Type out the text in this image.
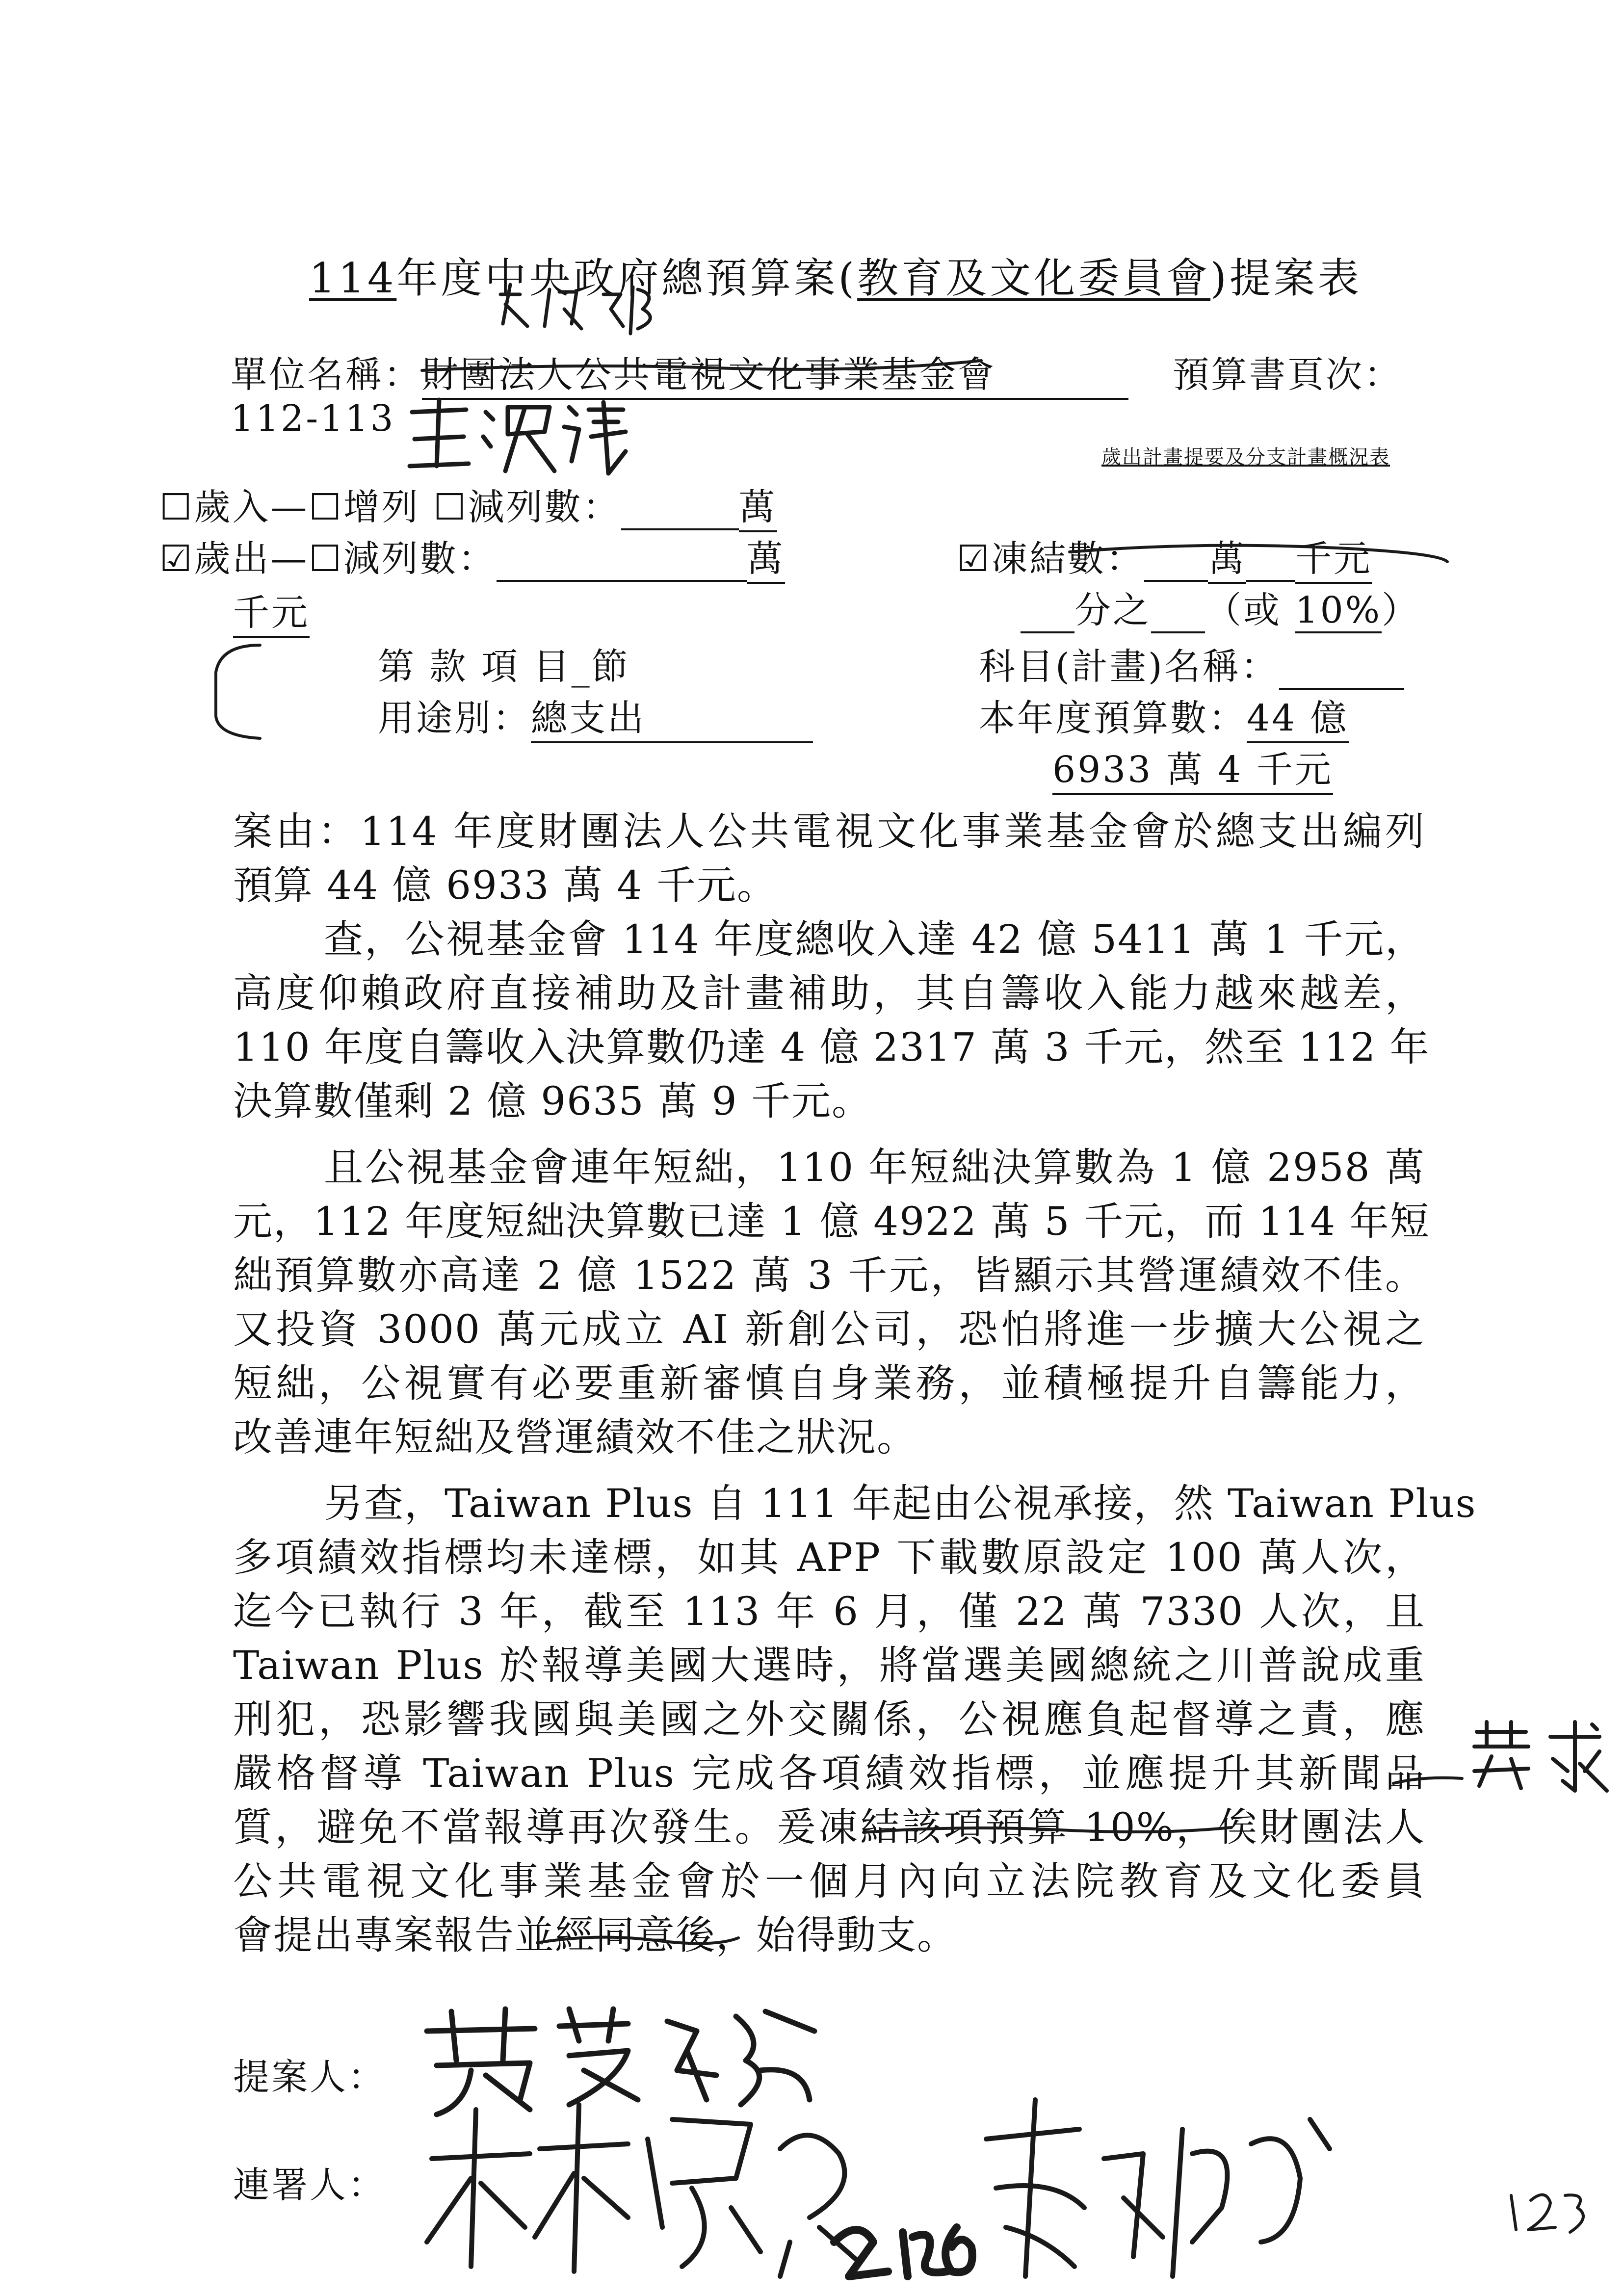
114年度中央政府總預算案(教育及文化委員會)提案表
單位名稱：財團法人公共電視文化事業基金會	預算書頁次：
112-113
歲出計畫提要及分支計畫概況表
☐歲入—☐增列 ☐減列數：	萬
☑歲出—☐減列數：	萬
千元
☑凍結數： 萬 千元
分之 （或 10%）
第 款 項 目_節	科目(計畫)名稱：
用途別：總支出	本年度預算數：44 億
6933 萬 4 千元
案由：114 年度財團法人公共電視文化事業基金會於總支出編列
預算 44 億 6933 萬 4 千元。
查，公視基金會 114 年度總收入達 42 億 5411 萬 1 千元，
高度仰賴政府直接補助及計畫補助，其自籌收入能力越來越差，
110 年度自籌收入決算數仍達 4 億 2317 萬 3 千元，然至 112 年
決算數僅剩 2 億 9635 萬 9 千元。
且公視基金會連年短絀，110 年短絀決算數為 1 億 2958 萬
元，112 年度短絀決算數已達 1 億 4922 萬 5 千元，而 114 年短
絀預算數亦高達 2 億 1522 萬 3 千元，皆顯示其營運績效不佳。
又投資 3000 萬元成立 AI 新創公司，恐怕將進一步擴大公視之
短絀，公視實有必要重新審慎自身業務，並積極提升自籌能力，
改善連年短絀及營運績效不佳之狀況。
另查，Taiwan Plus 自 111 年起由公視承接，然 Taiwan Plus
多項績效指標均未達標，如其 APP 下載數原設定 100 萬人次，
迄今已執行 3 年，截至 113 年 6 月，僅 22 萬 7330 人次，且
Taiwan Plus 於報導美國大選時，將當選美國總統之川普說成重
刑犯，恐影響我國與美國之外交關係，公視應負起督導之責，應
嚴格督導 Taiwan Plus 完成各項績效指標，並應提升其新聞品
質，避免不當報導再次發生。爰凍結該項預算 10%，俟財團法人
公共電視文化事業基金會於一個月內向立法院教育及文化委員
會提出專案報告並經同意後，始得動支。
提案人：
連署人：
